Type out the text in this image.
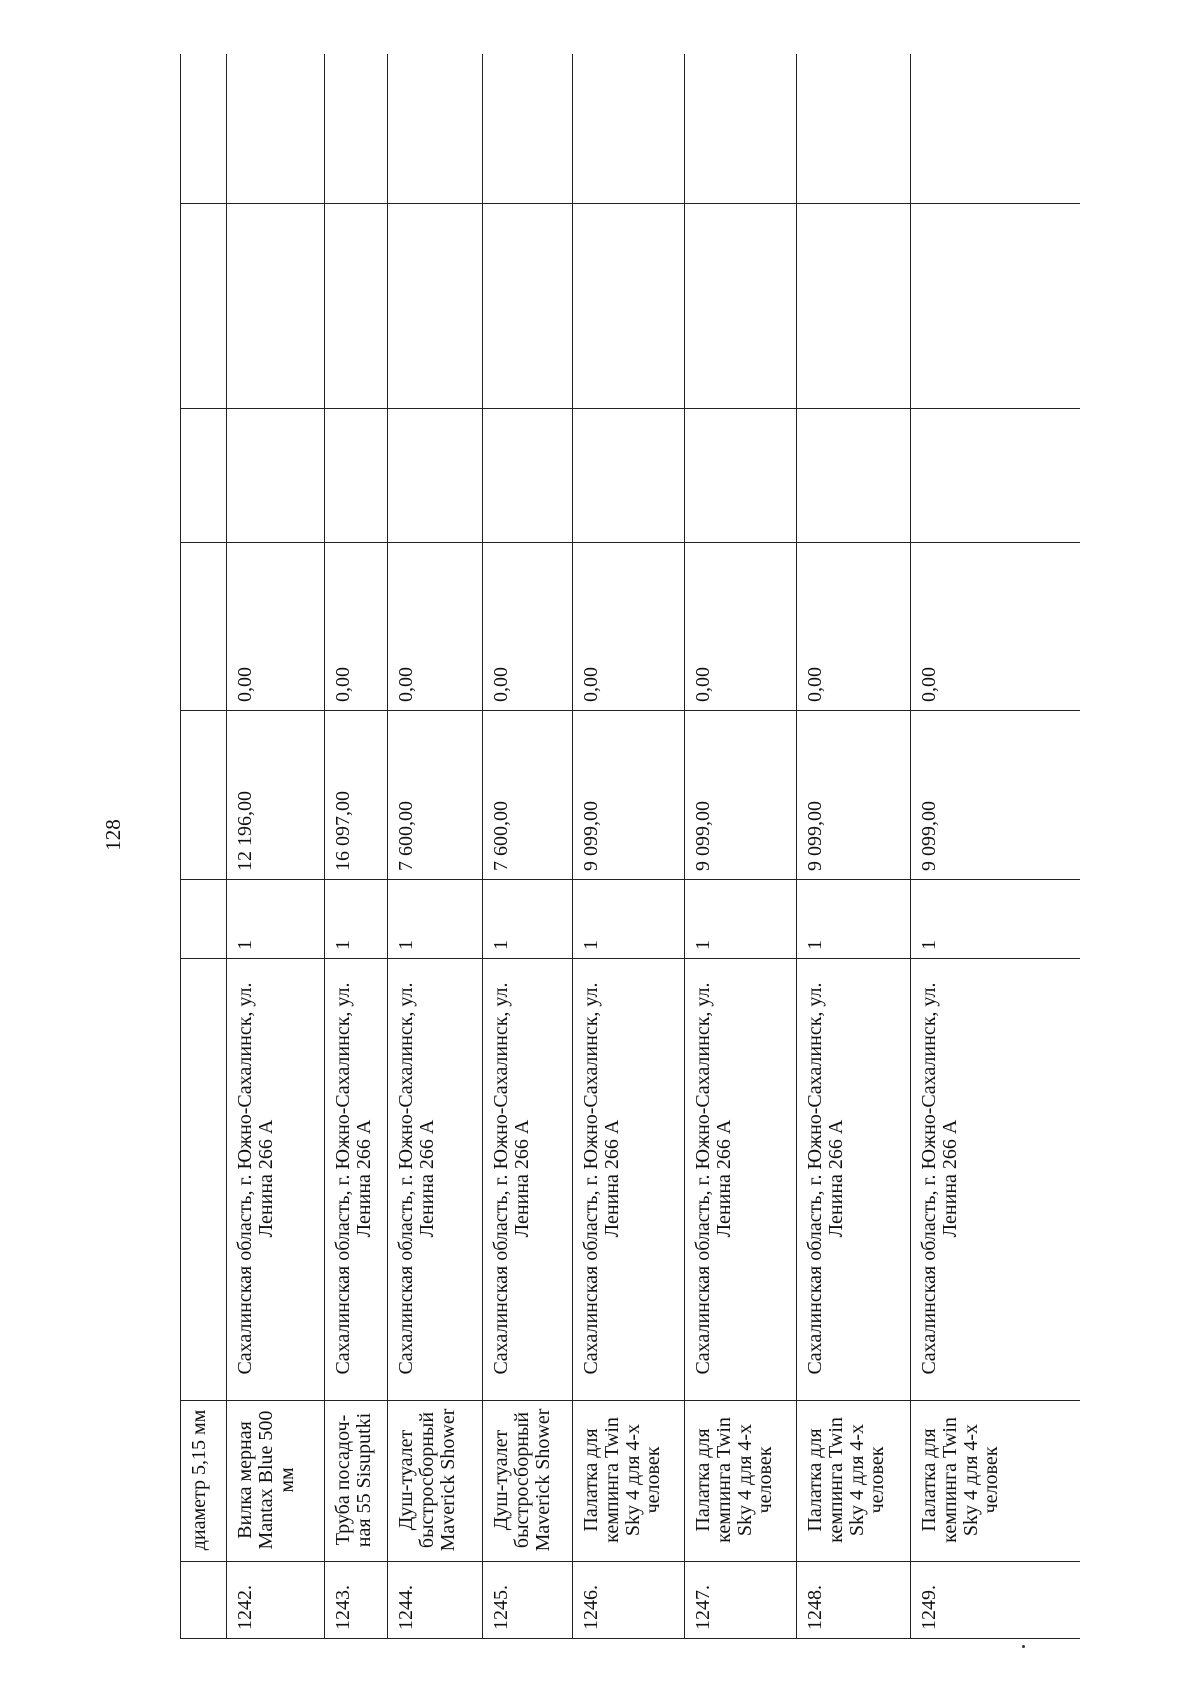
128
	диаметр 5,15 мм							
1242.	Вилка мерная Mantax Blue 500 мм	Сахалинская область, г. Южно-Сахалинск, ул. Ленина 266 А	1	12 196,00	0,00			
1243.	Труба посадоч-ная 55 Sisuputki	Сахалинская область, г. Южно-Сахалинск, ул. Ленина 266 А	1	16 097,00	0,00			
1244.	Душ-туалет быстросборный Maverick Shower	Сахалинская область, г. Южно-Сахалинск, ул. Ленина 266 А	1	7 600,00	0,00			
1245.	Душ-туалет быстросборный Maverick Shower	Сахалинская область, г. Южно-Сахалинск, ул. Ленина 266 А	1	7 600,00	0,00			
1246.	Палатка для кемпинга Twin Sky 4 для 4-х человек	Сахалинская область, г. Южно-Сахалинск, ул. Ленина 266 А	1	9 099,00	0,00			
1247.	Палатка для кемпинга Twin Sky 4 для 4-х человек	Сахалинская область, г. Южно-Сахалинск, ул. Ленина 266 А	1	9 099,00	0,00			
1248.	Палатка для кемпинга Twin Sky 4 для 4-х человек	Сахалинская область, г. Южно-Сахалинск, ул. Ленина 266 А	1	9 099,00	0,00			
1249.	Палатка для кемпинга Twin Sky 4 для 4-х человек	Сахалинская область, г. Южно-Сахалинск, ул. Ленина 266 А	1	9 099,00	0,00			
